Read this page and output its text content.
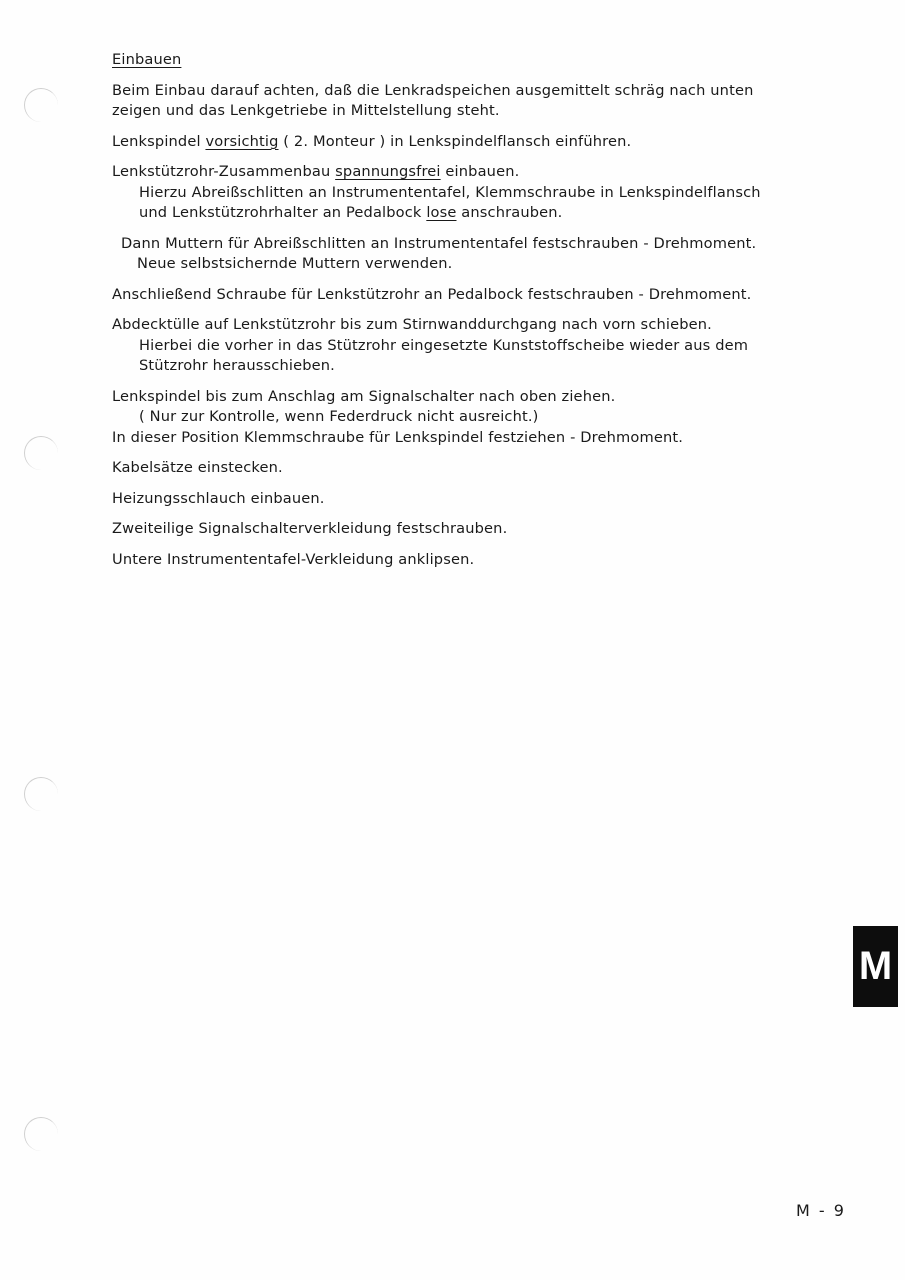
Einbauen
Beim Einbau darauf achten, daß die Lenkradspeichen ausgemittelt schräg nach unten
zeigen und das Lenkgetriebe in Mittelstellung steht.
Lenkspindel vorsichtig ( 2. Monteur ) in Lenkspindelflansch einführen.
Lenkstützrohr-Zusammenbau spannungsfrei einbauen.
Hierzu Abreißschlitten an Instrumententafel, Klemmschraube in Lenkspindelflansch
und Lenkstützrohrhalter an Pedalbock lose anschrauben.
Dann Muttern für Abreißschlitten an Instrumententafel festschrauben - Drehmoment.
Neue selbstsichernde Muttern verwenden.
Anschließend Schraube für Lenkstützrohr an Pedalbock festschrauben - Drehmoment.
Abdecktülle auf Lenkstützrohr bis zum Stirnwanddurchgang nach vorn schieben.
Hierbei die vorher in das Stützrohr eingesetzte Kunststoffscheibe wieder aus dem
Stützrohr herausschieben.
Lenkspindel bis zum Anschlag am Signalschalter nach oben ziehen.
( Nur zur Kontrolle, wenn Federdruck nicht ausreicht.)
In dieser Position Klemmschraube für Lenkspindel festziehen - Drehmoment.
Kabelsätze einstecken.
Heizungsschlauch einbauen.
Zweiteilige Signalschalterverkleidung festschrauben.
Untere Instrumententafel-Verkleidung anklipsen.
M
M - 9
